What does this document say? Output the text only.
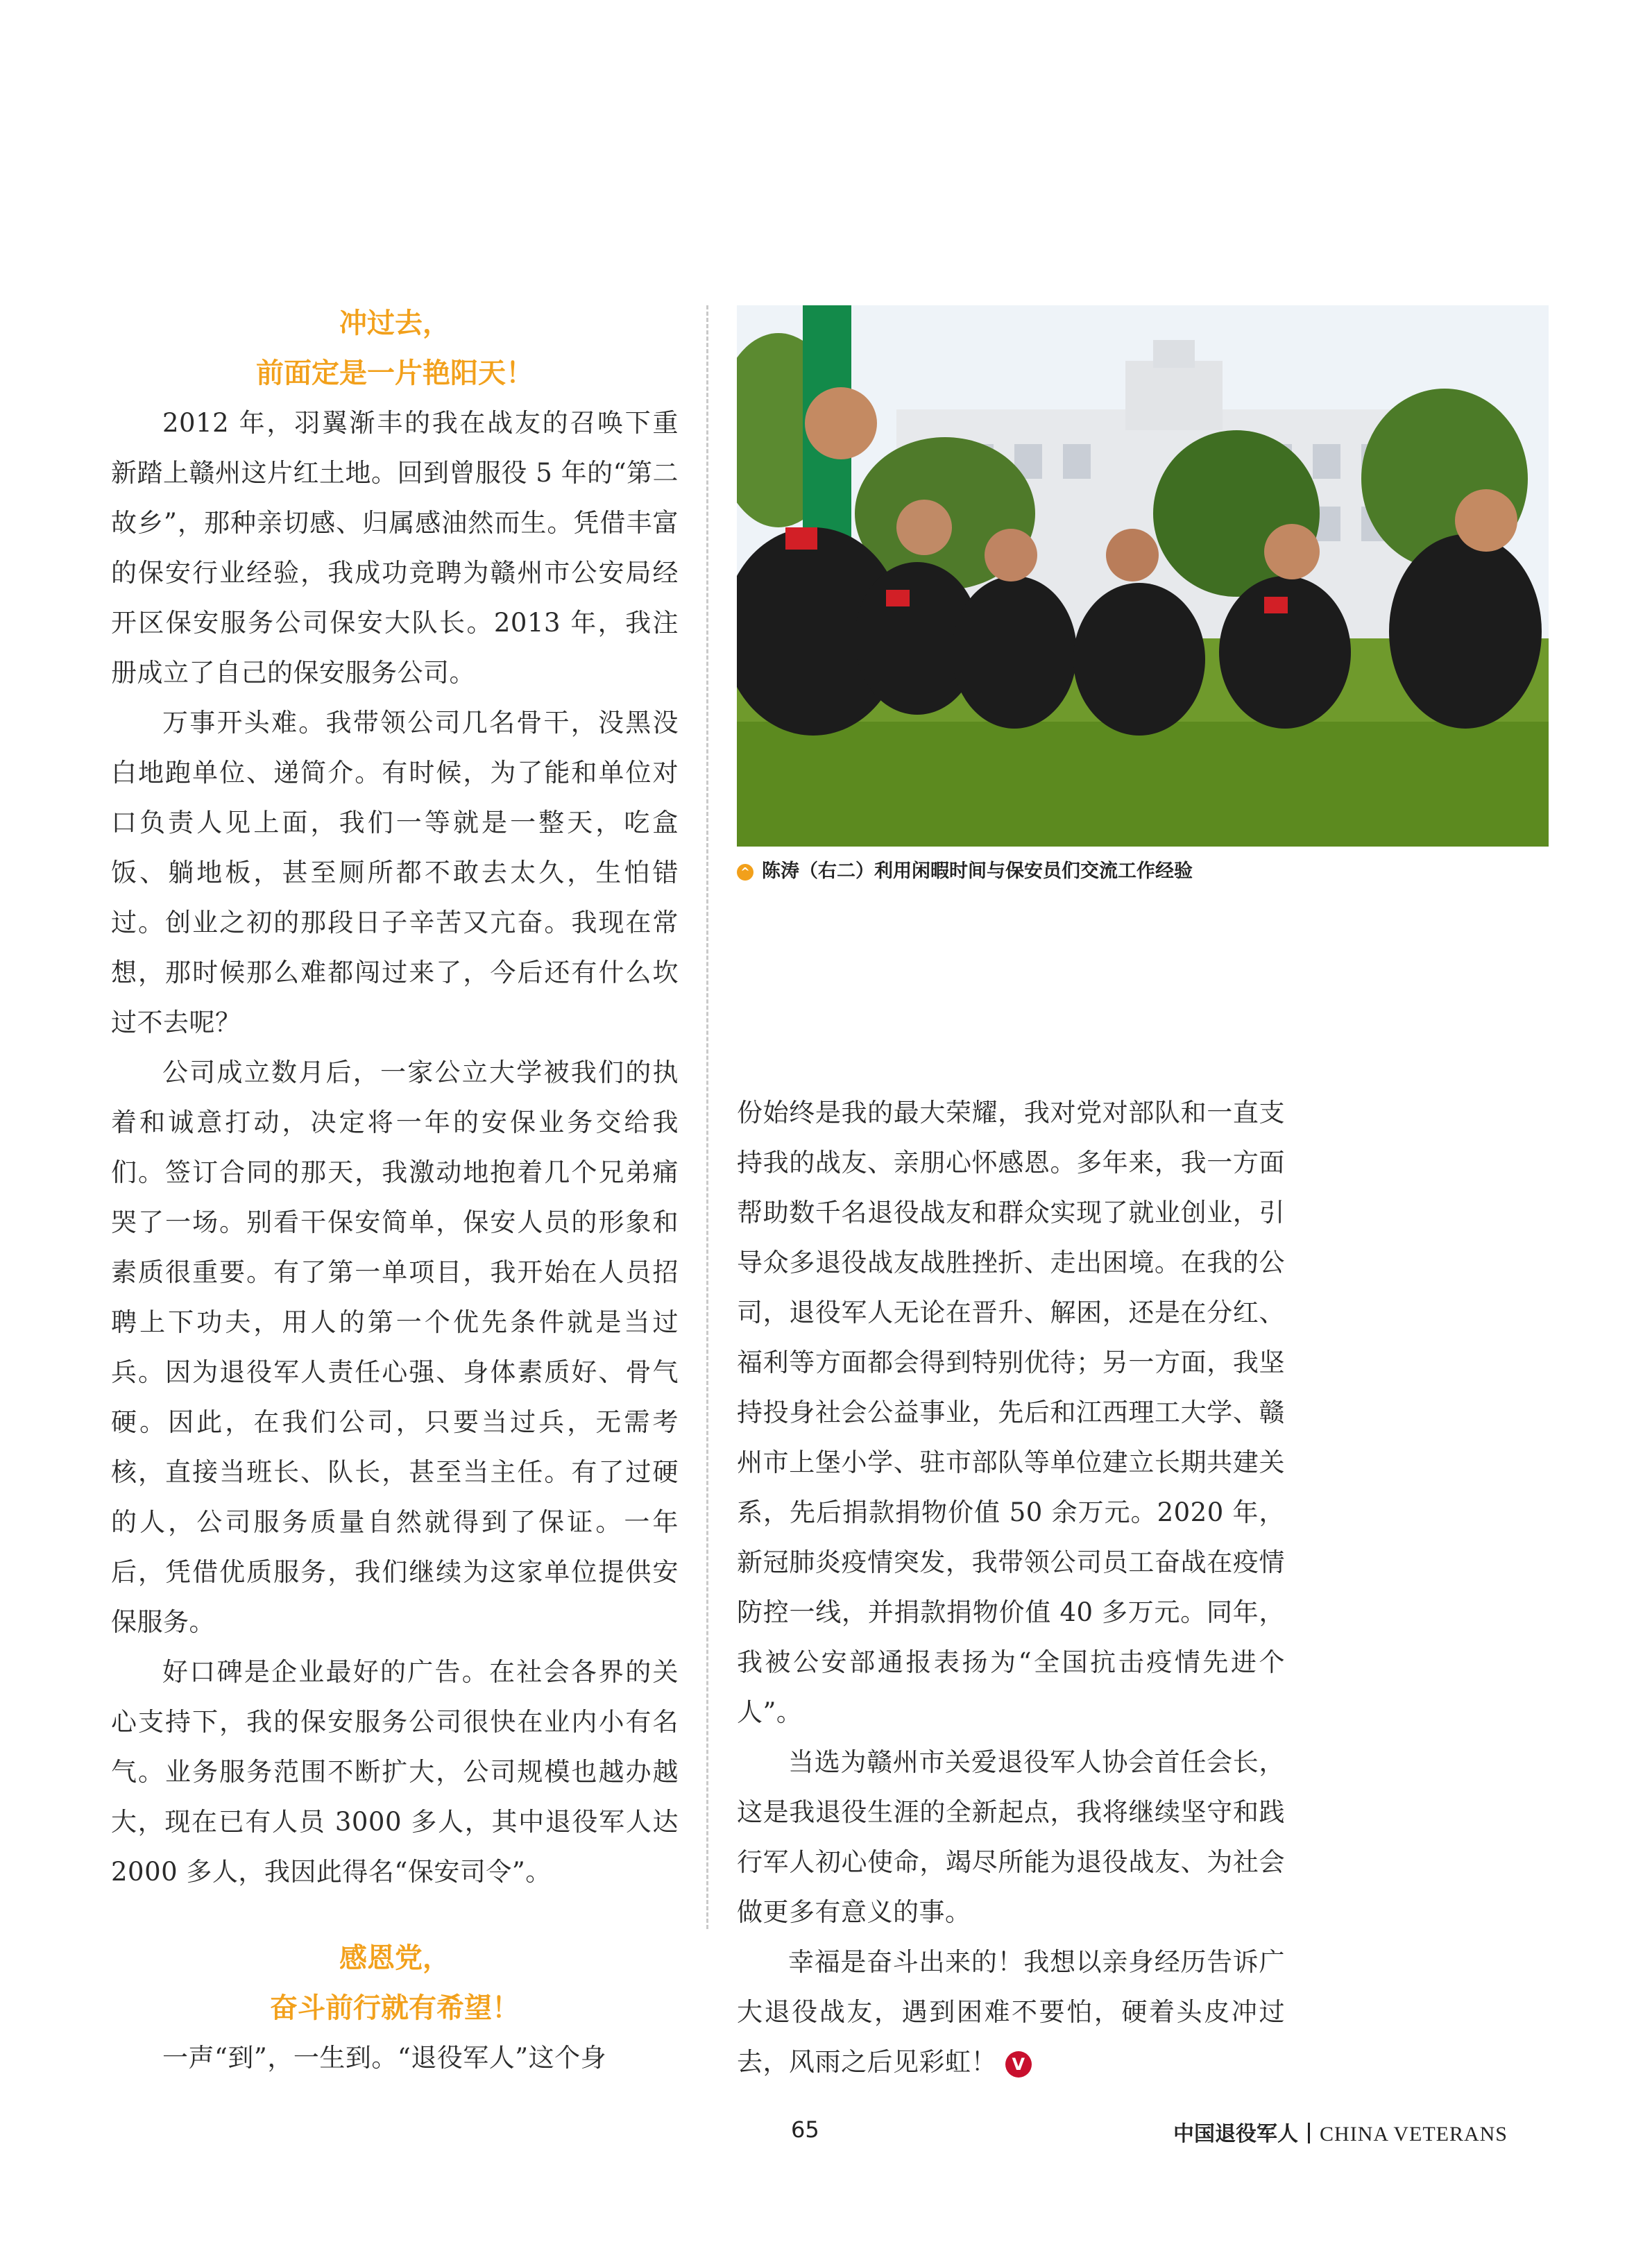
冲过去，
前面定是一片艳阳天！

2012 年，羽翼渐丰的我在战友的召唤下重新踏上赣州这片红土地。回到曾服役 5 年的“第二故乡”，那种亲切感、归属感油然而生。凭借丰富的保安行业经验，我成功竞聘为赣州市公安局经开区保安服务公司保安大队长。2013 年，我注册成立了自己的保安服务公司。

万事开头难。我带领公司几名骨干，没黑没白地跑单位、递简介。有时候，为了能和单位对口负责人见上面，我们一等就是一整天，吃盒饭、躺地板，甚至厕所都不敢去太久，生怕错过。创业之初的那段日子辛苦又亢奋。我现在常想，那时候那么难都闯过来了，今后还有什么坎过不去呢？

公司成立数月后，一家公立大学被我们的执着和诚意打动，决定将一年的安保业务交给我们。签订合同的那天，我激动地抱着几个兄弟痛哭了一场。别看干保安简单，保安人员的形象和素质很重要。有了第一单项目，我开始在人员招聘上下功夫，用人的第一个优先条件就是当过兵。因为退役军人责任心强、身体素质好、骨气硬。因此，在我们公司，只要当过兵，无需考核，直接当班长、队长，甚至当主任。有了过硬的人，公司服务质量自然就得到了保证。一年后，凭借优质服务，我们继续为这家单位提供安保服务。

好口碑是企业最好的广告。在社会各界的关心支持下，我的保安服务公司很快在业内小有名气。业务服务范围不断扩大，公司规模也越办越大，现在已有人员 3000 多人，其中退役军人达 2000 多人，我因此得名“保安司令”。

感恩党，
奋斗前行就有希望！

一声“到”，一生到。“退役军人”这个身

^ 陈涛（右二）利用闲暇时间与保安员们交流工作经验

份始终是我的最大荣耀，我对党对部队和一直支持我的战友、亲朋心怀感恩。多年来，我一方面帮助数千名退役战友和群众实现了就业创业，引导众多退役战友战胜挫折、走出困境。在我的公司，退役军人无论在晋升、解困，还是在分红、福利等方面都会得到特别优待；另一方面，我坚持投身社会公益事业，先后和江西理工大学、赣州市上堡小学、驻市部队等单位建立长期共建关系，先后捐款捐物价值 50 余万元。2020 年，新冠肺炎疫情突发，我带领公司员工奋战在疫情防控一线，并捐款捐物价值 40 多万元。同年，我被公安部通报表扬为“全国抗击疫情先进个人”。

当选为赣州市关爱退役军人协会首任会长，这是我退役生涯的全新起点，我将继续坚守和践行军人初心使命，竭尽所能为退役战友、为社会做更多有意义的事。

幸福是奋斗出来的！我想以亲身经历告诉广大退役战友，遇到困难不要怕，硬着头皮冲过去，风雨之后见彩虹！ V

65	中国退役军人 CHINA VETERANS
